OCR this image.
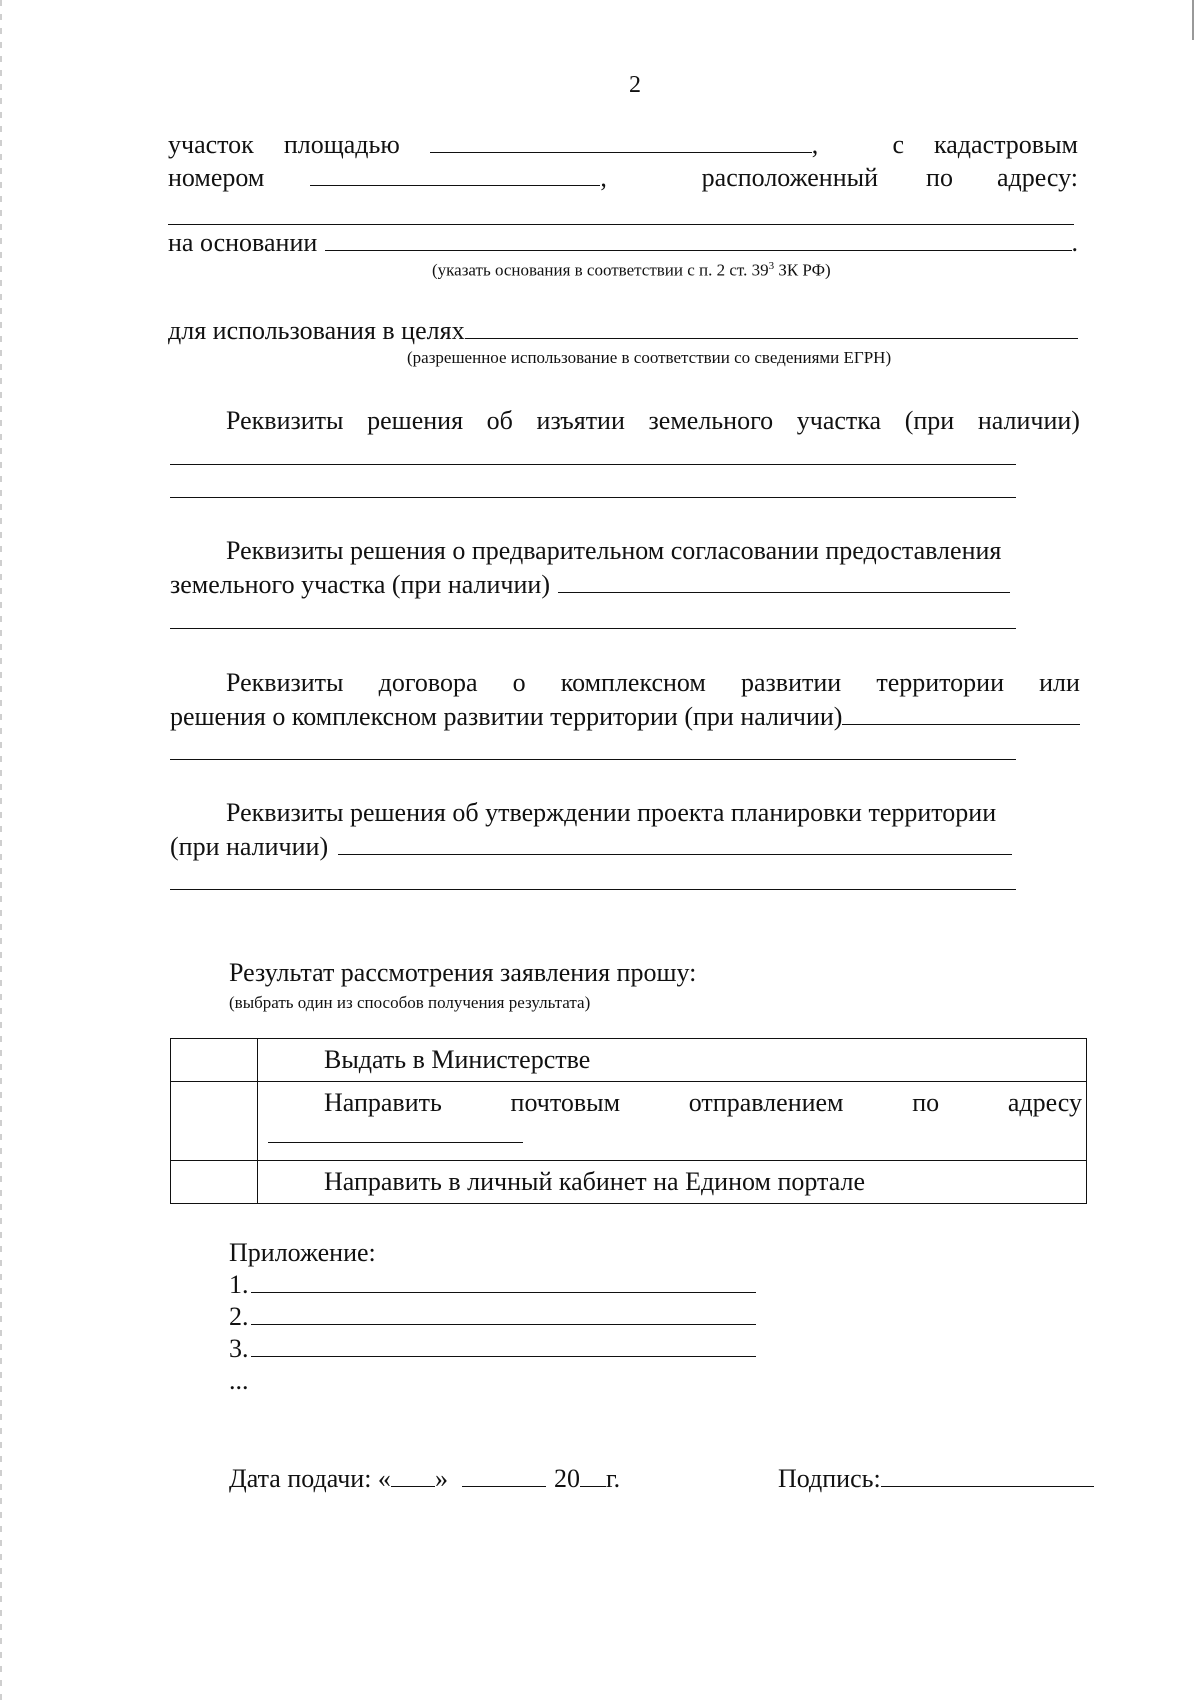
2
участок площадью	,	с кадастровым
номером	,	расположенный по адресу:
на основании	.
(указать основания в соответствии с п. 2 ст. $39^3$ ЗК РФ)
для использования в целях
(разрешенное использование в соответствии со сведениями ЕГРН)
Реквизиты решения об изъятии земельного участка (при наличии)
Реквизиты решения о предварительном согласовании предоставления
земельного участка (при наличии)
Реквизиты договора о комплексном развитии территории или
решения о комплексном развитии территории (при наличии)
Реквизиты решения об утверждении проекта планировки территории
(при наличии)
Результат рассмотрения заявления прошу:
(выбрать один из способов получения результата)
	Выдать в Министерстве

	Направить почтовым отправлением по адресу

	Направить в личный кабинет на Едином портале
Приложение:
1.
2.
3.
...
Дата подачи: « »	20 г.	Подпись:
